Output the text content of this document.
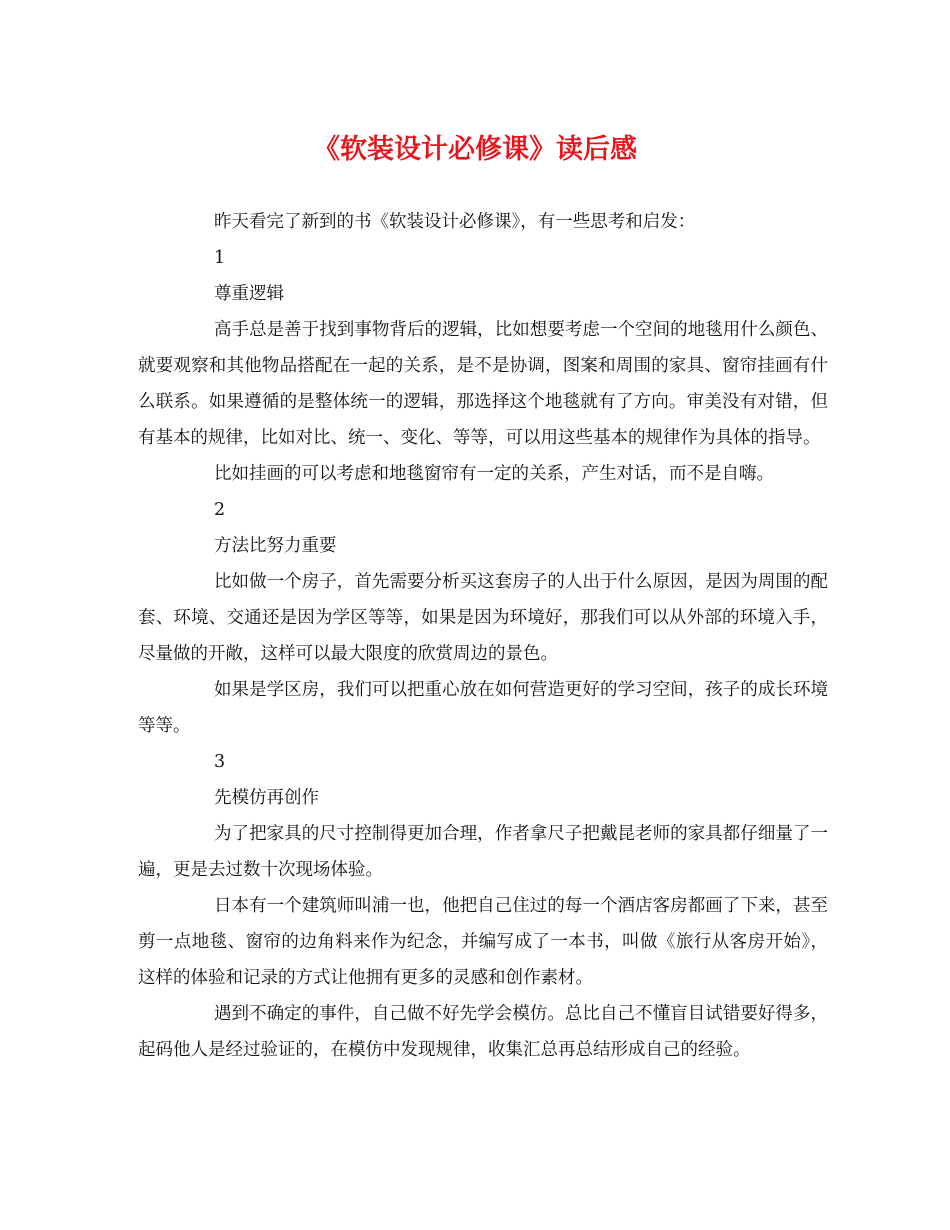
《软装设计必修课》读后感

昨天看完了新到的书《软装设计必修课》，有一些思考和启发：

1

尊重逻辑

高手总是善于找到事物背后的逻辑，比如想要考虑一个空间的地毯用什么颜色、就要观察和其他物品搭配在一起的关系，是不是协调，图案和周围的家具、窗帘挂画有什么联系。如果遵循的是整体统一的逻辑，那选择这个地毯就有了方向。审美没有对错，但有基本的规律，比如对比、统一、变化、等等，可以用这些基本的规律作为具体的指导。

比如挂画的可以考虑和地毯窗帘有一定的关系，产生对话，而不是自嗨。

2

方法比努力重要

比如做一个房子，首先需要分析买这套房子的人出于什么原因，是因为周围的配套、环境、交通还是因为学区等等，如果是因为环境好，那我们可以从外部的环境入手，尽量做的开敞，这样可以最大限度的欣赏周边的景色。

如果是学区房，我们可以把重心放在如何营造更好的学习空间，孩子的成长环境等等。

3

先模仿再创作

为了把家具的尺寸控制得更加合理，作者拿尺子把戴昆老师的家具都仔细量了一遍，更是去过数十次现场体验。

日本有一个建筑师叫浦一也，他把自己住过的每一个酒店客房都画了下来，甚至剪一点地毯、窗帘的边角料来作为纪念，并编写成了一本书，叫做《旅行从客房开始》，这样的体验和记录的方式让他拥有更多的灵感和创作素材。

遇到不确定的事件，自己做不好先学会模仿。总比自己不懂盲目试错要好得多，起码他人是经过验证的，在模仿中发现规律，收集汇总再总结形成自己的经验。
